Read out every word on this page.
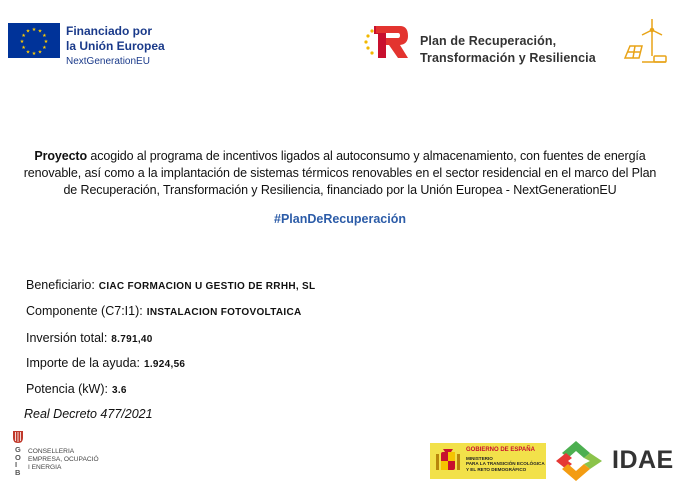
★ ★
★
★
★
★
★
★
★
★
★
★	Financiado por
la Unión Europea
NextGenerationEU
Plan de Recuperación,
Transformación y Resiliencia
Proyecto acogido al programa de incentivos ligados al autoconsumo y almacenamiento, con fuentes de energía renovable, así como a la implantación de sistemas térmicos renovables en el sector residencial en el marco del Plan de Recuperación, Transformación y Resiliencia, financiado por la Unión Europea - NextGenerationEU
#PlanDeRecuperación
Beneficiario: CIAC FORMACION U GESTIO DE RRHH, SL
Componente (C7:I1): INSTALACION FOTOVOLTAICA
Inversión total: 8.791,40
Importe de la ayuda: 1.924,56
Potencia (kW): 3.6
Real Decreto 477/2021
G
O
I
B
CONSELLERIA
EMPRESA, OCUPACIÓ
I ENERGIA
GOBIERNO DE ESPAÑA
MINISTERIO
PARA LA TRANSICIÓN ECOLÓGICA
Y EL RETO DEMOGRÁFICO	IDAE
